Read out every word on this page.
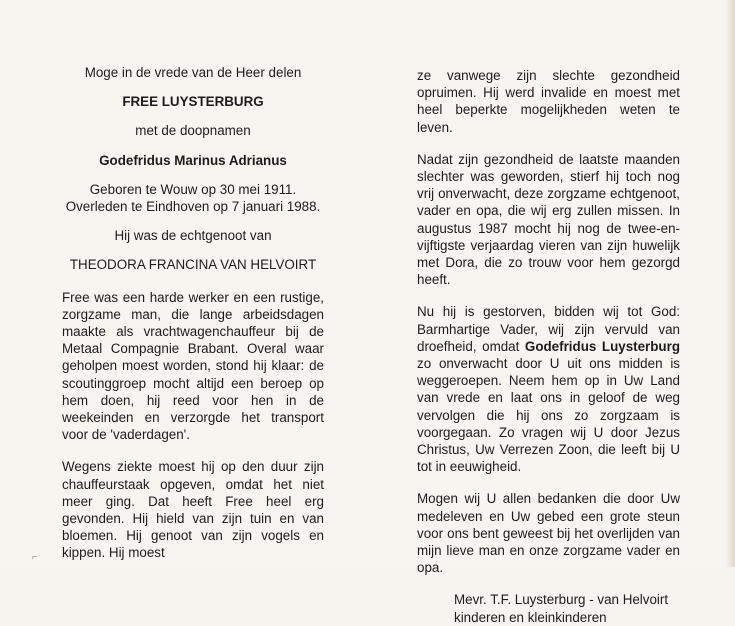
Moge in de vrede van de Heer delen

FREE LUYSTERBURG

met de doopnamen

Godefridus Marinus Adrianus

Geboren te Wouw op 30 mei 1911.

Overleden te Eindhoven op 7 januari 1988.

Hij was de echtgenoot van

THEODORA FRANCINA VAN HELVOIRT

Free was een harde werker en een rustige, zorgzame man, die lange arbeidsdagen maakte als vrachtwagenchauffeur bij de Metaal Compagnie Brabant. Overal waar geholpen moest worden, stond hij klaar: de scoutinggroep mocht altijd een beroep op hem doen, hij reed voor hen in de weekeinden en verzorgde het transport voor de 'vaderdagen'.

Wegens ziekte moest hij op den duur zijn chauffeurstaak opgeven, omdat het niet meer ging. Dat heeft Free heel erg gevonden. Hij hield van zijn tuin en van bloemen. Hij genoot van zijn vogels en kippen. Hij moest

ze vanwege zijn slechte gezondheid opruimen. Hij werd invalide en moest met heel beperkte mogelijkheden weten te leven.

Nadat zijn gezondheid de laatste maanden slechter was geworden, stierf hij toch nog vrij onverwacht, deze zorgzame echtgenoot, vader en opa, die wij erg zullen missen. In augustus 1987 mocht hij nog de twee-en-vijftigste verjaardag vieren van zijn huwelijk met Dora, die zo trouw voor hem gezorgd heeft.

Nu hij is gestorven, bidden wij tot God: Barmhartige Vader, wij zijn vervuld van droefheid, omdat Godefridus Luysterburg zo onverwacht door U uit ons midden is weggeroepen. Neem hem op in Uw Land van vrede en laat ons in geloof de weg vervolgen die hij ons zo zorgzaam is voorgegaan. Zo vragen wij U door Jezus Christus, Uw Verrezen Zoon, die leeft bij U tot in eeuwigheid.

Mogen wij U allen bedanken die door Uw medeleven en Uw gebed een grote steun voor ons bent geweest bij het overlijden van mijn lieve man en onze zorgzame vader en opa.

Mevr. T.F. Luysterburg - van Helvoirt

kinderen en kleinkinderen

⌐
